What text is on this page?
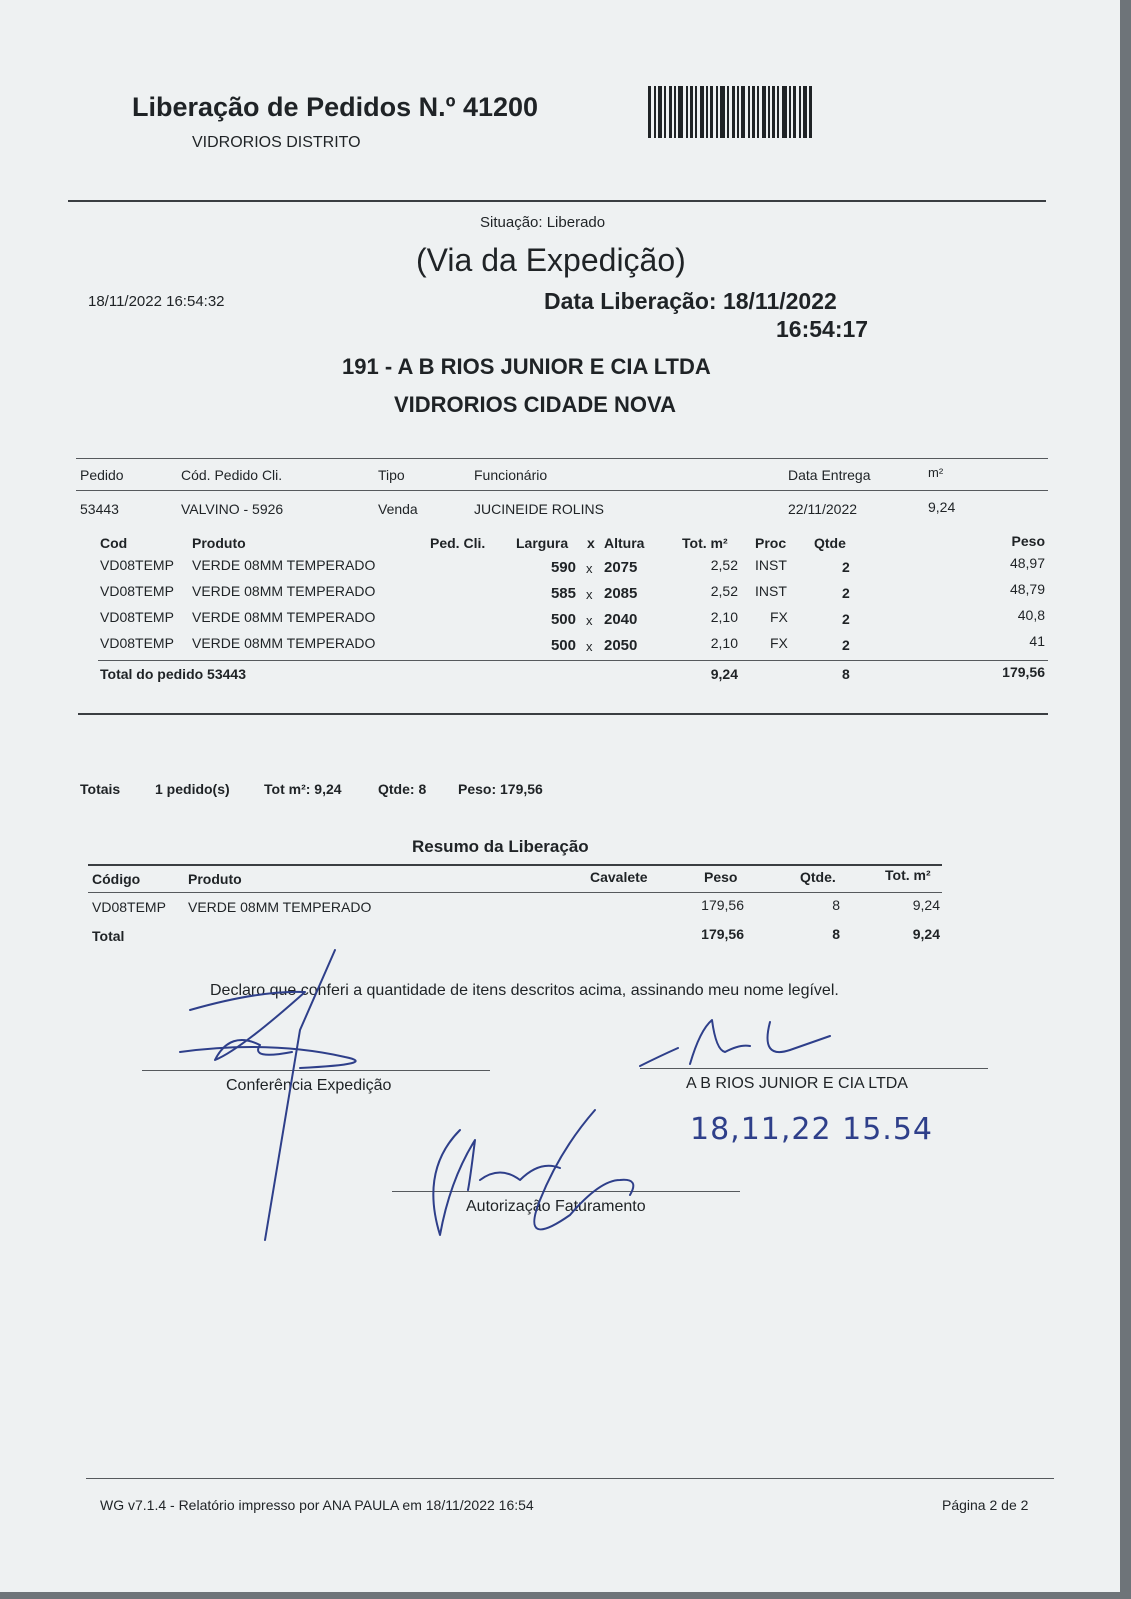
Liberação de Pedidos N.º 41200
VIDRORIOS DISTRITO
Situação: Liberado
(Via da Expedição)
18/11/2022 16:54:32	Data Liberação: 18/11/2022
16:54:17
191 - A B RIOS JUNIOR E CIA LTDA
VIDRORIOS CIDADE NOVA
Pedido	Cód. Pedido Cli.	Tipo	Funcionário	Data Entrega	m²
53443	VALVINO - 5926	Venda	JUCINEIDE ROLINS	22/11/2022	9,24
Cod	Produto	Ped. Cli. Largura x Altura	Tot. m² Proc Qtde	Peso
VD08TEMP VERDE 08MM TEMPERADO	590 x 2075	2,52 INST	2	48,97
VD08TEMP VERDE 08MM TEMPERADO	585 x 2085	2,52 INST	2	48,79
VD08TEMP VERDE 08MM TEMPERADO	500 x 2040	2,10 FX	2	40,8
VD08TEMP VERDE 08MM TEMPERADO	500 x 2050	2,10 FX	2	41
Total do pedido 53443	9,24	8	179,56
Totais 1 pedido(s) Tot m²: 9,24	Qtde: 8 Peso: 179,56
Resumo da Liberação
Código	Produto	Cavalete	Peso	Qtde.	Tot. m²
VD08TEMP VERDE 08MM TEMPERADO	179,56	8	9,24
Total	179,56	8	9,24
Declaro que conferi a quantidade de itens descritos acima, assinando meu nome legível.
Conferência Expedição	A B RIOS JUNIOR E CIA LTDA
Autorização Faturamento
18,11,22 15.54
WG v7.1.4 - Relatório impresso por ANA PAULA em 18/11/2022 16:54	Página 2 de 2
